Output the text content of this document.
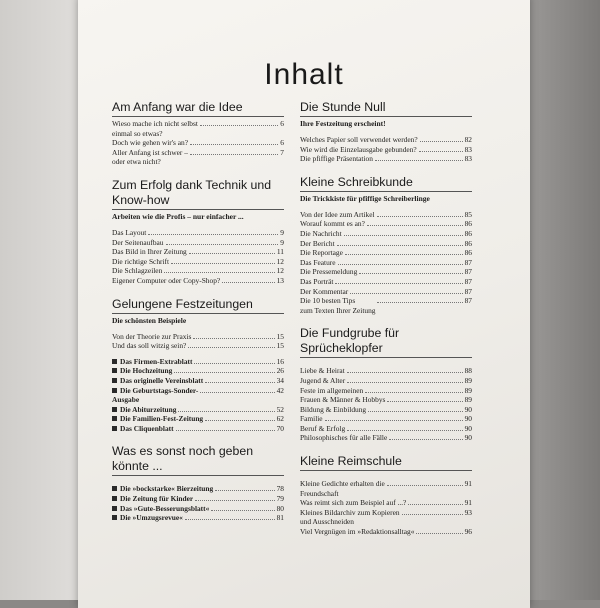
Inhalt
Am Anfang war die Idee
Wieso mache ich nicht selbst
einmal so etwas?
6
Doch wie gehen wir's an?	6
Aller Anfang ist schwer –
oder etwa nicht?
7
Zum Erfolg dank Technik und Know-how
Arbeiten wie die Profis – nur einfacher ...
Das Layout	9
Der Seitenaufbau	9
Das Bild in Ihrer Zeitung	11
Die richtige Schrift	12
Die Schlagzeilen	12
Eigener Computer oder Copy-Shop?	13
Gelungene Festzeitungen
Die schönsten Beispiele
Von der Theorie zur Praxis	15
Und das soll witzig sein?	15
Das Firmen-Extrablatt	16
Die Hochzeitung	26
Das originelle Vereinsblatt	34
Die Geburtstags-Sonder-
Ausgabe
42
Die Abiturzeitung	52
Die Familien-Fest-Zeitung	62
Das Cliquenblatt	70
Was es sonst noch geben könnte ...
Die »bockstarke« Bierzeitung	78
Die Zeitung für Kinder	79
Das »Gute-Besserungsblatt«	80
Die »Umzugsrevue«	81
Die Stunde Null
Ihre Festzeitung erscheint!
Welches Papier soll verwendet werden?	82
Wie wird die Einzelausgabe gebunden?	83
Die pfiffige Präsentation	83
Kleine Schreibkunde
Die Trickkiste für pfiffige Schreiberlinge
Von der Idee zum Artikel	85
Worauf kommt es an?	86
Die Nachricht	86
Der Bericht	86
Die Reportage	86
Das Feature	87
Die Pressemeldung	87
Das Porträt	87
Der Kommentar	87
Die 10 besten Tips
zum Texten Ihrer Zeitung
87
Die Fundgrube für Sprücheklopfer
Liebe & Heirat	88
Jugend & Alter	89
Feste im allgemeinen	89
Frauen & Männer & Hobbys	89
Bildung & Einbildung	90
Familie	90
Beruf & Erfolg	90
Philosophisches für alle Fälle	90
Kleine Reimschule
Kleine Gedichte erhalten die
Freundschaft
91
Was reimt sich zum Beispiel auf ...?	91
Kleines Bildarchiv zum Kopieren
und Ausschneiden
93
Viel Vergnügen im »Redaktionsalltag«	96
